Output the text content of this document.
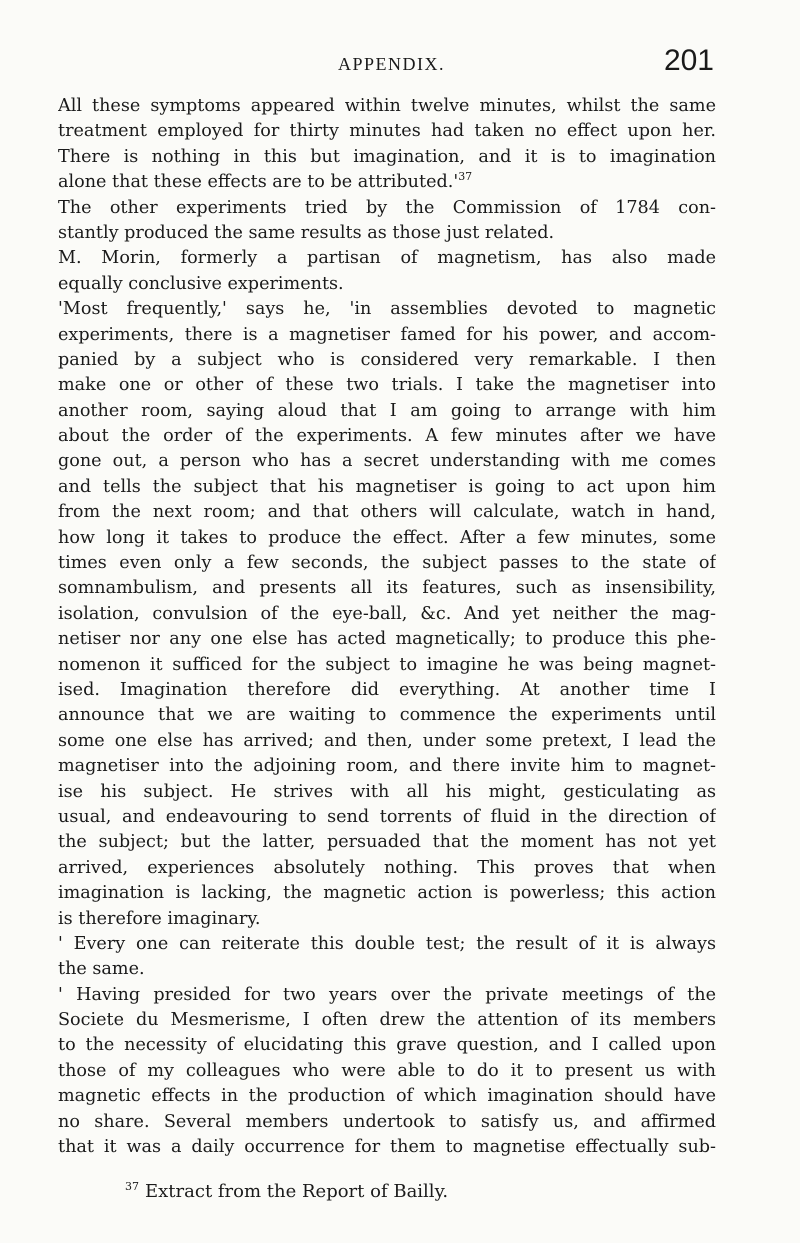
APPENDIX.	201
All these symptoms appeared within twelve minutes, whilst the same
treatment employed for thirty minutes had taken no effect upon her.
There is nothing in this but imagination, and it is to imagination
alone that these effects are to be attributed.'$^{37}$
The other experiments tried by the Commission of 1784 con-
stantly produced the same results as those just related.
M. Morin, formerly a partisan of magnetism, has also made
equally conclusive experiments.
'Most frequently,' says he, 'in assemblies devoted to magnetic
experiments, there is a magnetiser famed for his power, and accom-
panied by a subject who is considered very remarkable. I then
make one or other of these two trials. I take the magnetiser into
another room, saying aloud that I am going to arrange with him
about the order of the experiments. A few minutes after we have
gone out, a person who has a secret understanding with me comes
and tells the subject that his magnetiser is going to act upon him
from the next room; and that others will calculate, watch in hand,
how long it takes to produce the effect. After a few minutes, some
times even only a few seconds, the subject passes to the state of
somnambulism, and presents all its features, such as insensibility,
isolation, convulsion of the eye-ball, &c. And yet neither the mag-
netiser nor any one else has acted magnetically; to produce this phe-
nomenon it sufficed for the subject to imagine he was being magnet-
ised. Imagination therefore did everything. At another time I
announce that we are waiting to commence the experiments until
some one else has arrived; and then, under some pretext, I lead the
magnetiser into the adjoining room, and there invite him to magnet-
ise his subject. He strives with all his might, gesticulating as
usual, and endeavouring to send torrents of fluid in the direction of
the subject; but the latter, persuaded that the moment has not yet
arrived, experiences absolutely nothing. This proves that when
imagination is lacking, the magnetic action is powerless; this action
is therefore imaginary.
' Every one can reiterate this double test; the result of it is always
the same.
' Having presided for two years over the private meetings of the
Societe du Mesmerisme, I often drew the attention of its members
to the necessity of elucidating this grave question, and I called upon
those of my colleagues who were able to do it to present us with
magnetic effects in the production of which imagination should have
no share. Several members undertook to satisfy us, and affirmed
that it was a daily occurrence for them to magnetise effectually sub-
$^{37}$ Extract from the Report of Bailly.
